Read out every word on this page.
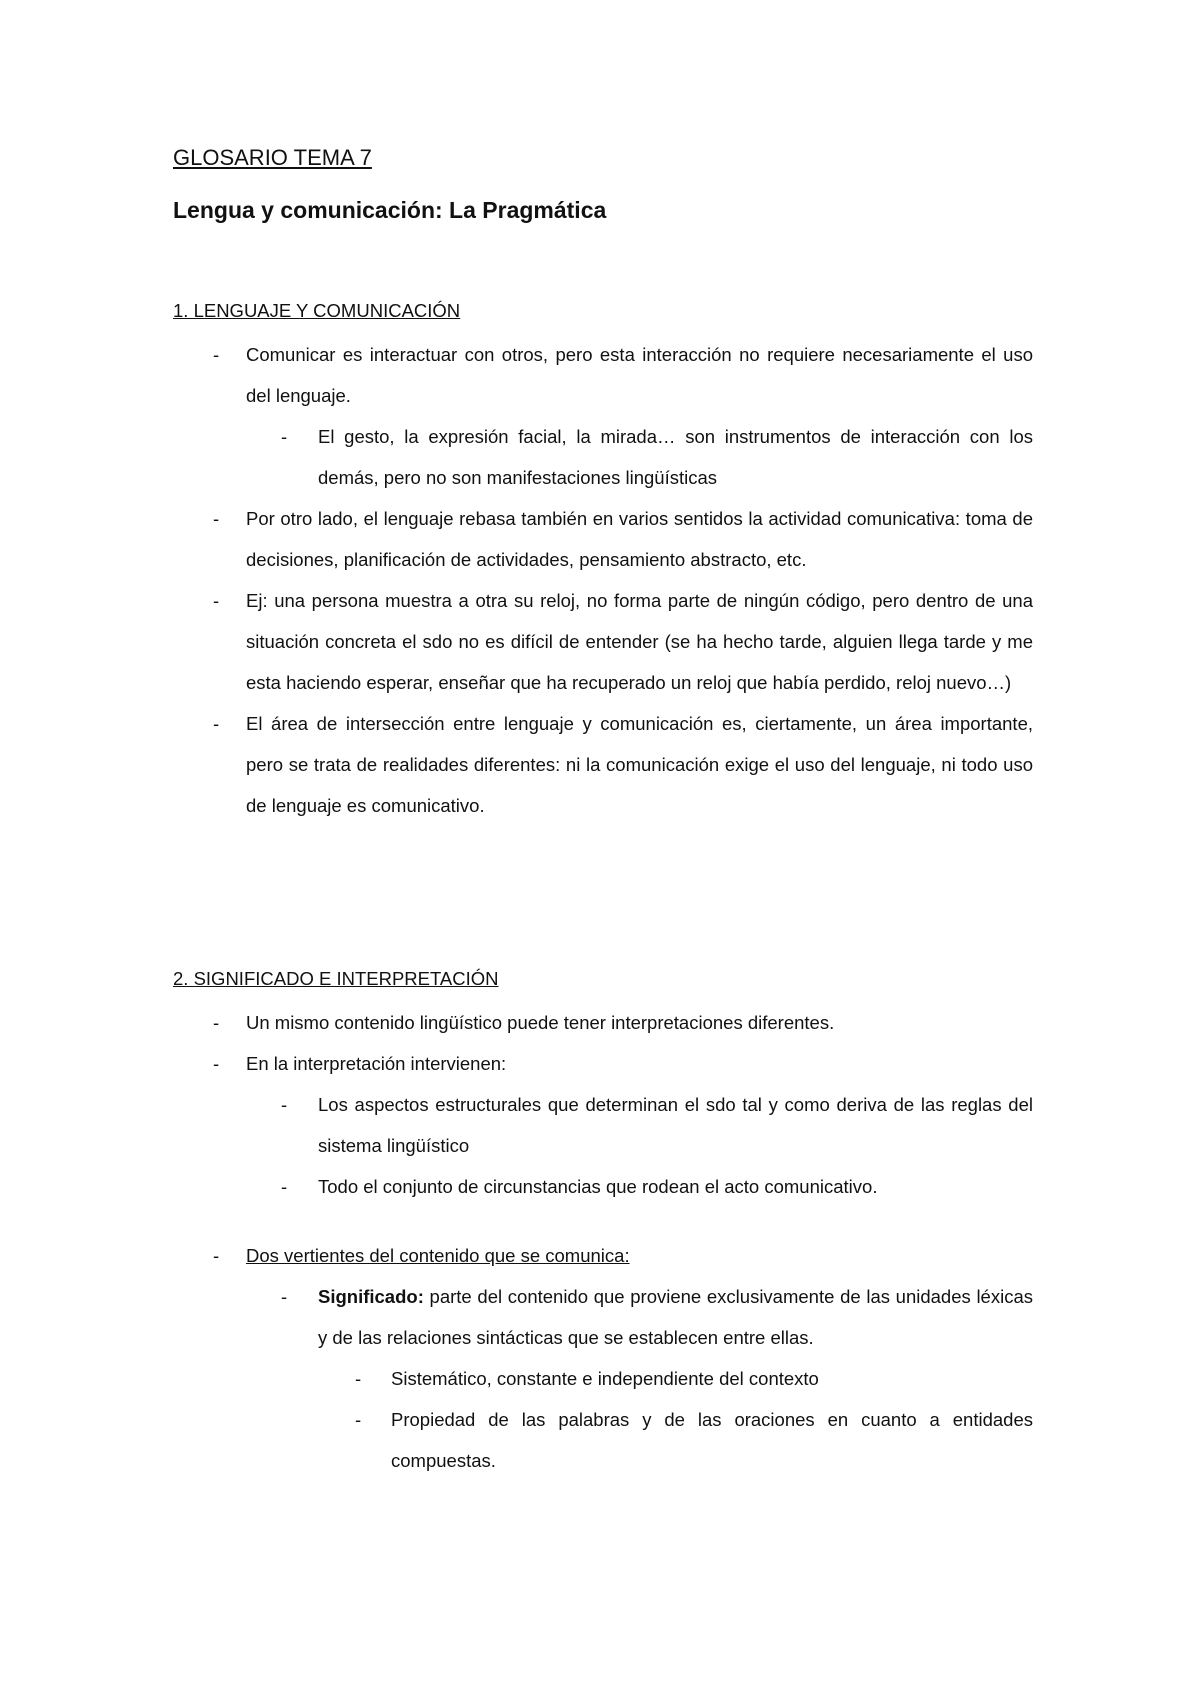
GLOSARIO TEMA 7
Lengua y comunicación: La Pragmática
1. LENGUAJE Y COMUNICACIÓN
- Comunicar es interactuar con otros, pero esta interacción no requiere necesariamente el uso del lenguaje.
- El gesto, la expresión facial, la mirada… son instrumentos de interacción con los demás, pero no son manifestaciones lingüísticas
- Por otro lado, el lenguaje rebasa también en varios sentidos la actividad comunicativa: toma de decisiones, planificación de actividades, pensamiento abstracto, etc.
- Ej: una persona muestra a otra su reloj, no forma parte de ningún código, pero dentro de una situación concreta el sdo no es difícil de entender (se ha hecho tarde, alguien llega tarde y me esta haciendo esperar, enseñar que ha recuperado un reloj que había perdido, reloj nuevo…)
- El área de intersección entre lenguaje y comunicación es, ciertamente, un área importante, pero se trata de realidades diferentes: ni la comunicación exige el uso del lenguaje, ni todo uso de lenguaje es comunicativo.
2. SIGNIFICADO E INTERPRETACIÓN
- Un mismo contenido lingüístico puede tener interpretaciones diferentes.
- En la interpretación intervienen:
- Los aspectos estructurales que determinan el sdo tal y como deriva de las reglas del sistema lingüístico
- Todo el conjunto de circunstancias que rodean el acto comunicativo.
- Dos vertientes del contenido que se comunica:
- Significado: parte del contenido que proviene exclusivamente de las unidades léxicas y de las relaciones sintácticas que se establecen entre ellas.
- Sistemático, constante e independiente del contexto
- Propiedad de las palabras y de las oraciones en cuanto a entidades compuestas.
